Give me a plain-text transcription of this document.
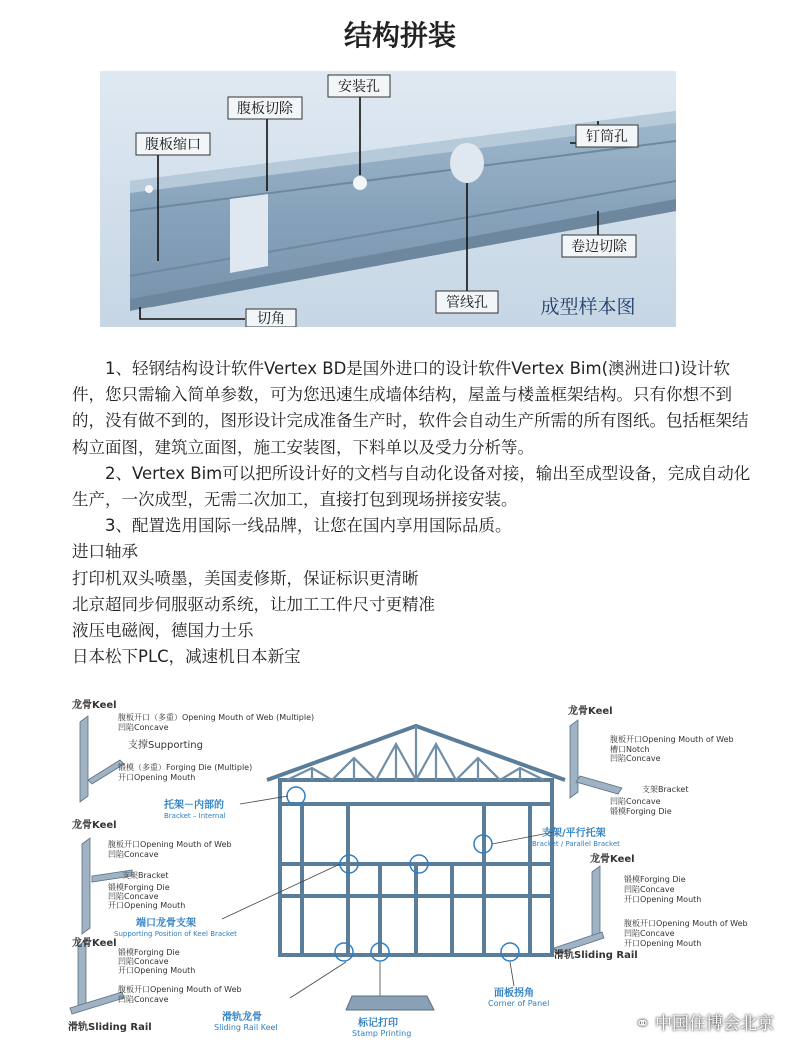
结构拼装
腹板缩口
腹板切除
安装孔
钉筒孔
卷边切除
管线孔
切角
成型样本图

1、轻钢结构设计软件Vertex BD是国外进口的设计软件Vertex Bim(澳洲进口)设计软件，您只需输入简单参数，可为您迅速生成墙体结构，屋盖与楼盖框架结构。只有你想不到的，没有做不到的，图形设计完成准备生产时，软件会自动生产所需的所有图纸。包括框架结构立面图，建筑立面图，施工安装图，下料单以及受力分析等。

2、Vertex Bim可以把所设计好的文档与自动化设备对接，输出至成型设备，完成自动化生产，一次成型，无需二次加工，直接打包到现场拼接安装。

3、配置选用国际一线品牌，让您在国内享用国际品质。

进口轴承

打印机双头喷墨，美国麦修斯，保证标识更清晰

北京超同步伺服驱动系统，让加工工件尺寸更精准

液压电磁阀，德国力士乐

日本松下PLC，减速机日本新宝

龙骨Keel
腹板开口（多重）Opening Mouth of Web (Multiple)
凹陷Concave
支撑Supporting
锻模（多重）Forging Die (Multiple)
开口Opening Mouth
托架－内部的
Bracket – Internal
龙骨Keel
腹板开口Opening Mouth of Web
凹陷Concave
支架Bracket
锻模Forging Die
凹陷Concave
开口Opening Mouth
端口龙骨支架
Supporting Position of Keel Bracket
龙骨Keel
锻模Forging Die
凹陷Concave
开口Opening Mouth
腹板开口Opening Mouth of Web
凹陷Concave
滑轨Sliding Rail
滑轨龙骨
Sliding Rail Keel	标记打印
Stamp Printing
面板拐角
Corner of Panel
支架/平行托架
Bracket / Parallel Bracket
龙骨Keel
腹板开口Opening Mouth of Web
槽口Notch
凹陷Concave
支架Bracket
凹陷Concave
锻模Forging Die
龙骨Keel
锻模Forging Die
凹陷Concave
开口Opening Mouth
腹板开口Opening Mouth of Web
凹陷Concave
开口Opening Mouth
滑轨Sliding Rail
⚭ 中国住博会北京
